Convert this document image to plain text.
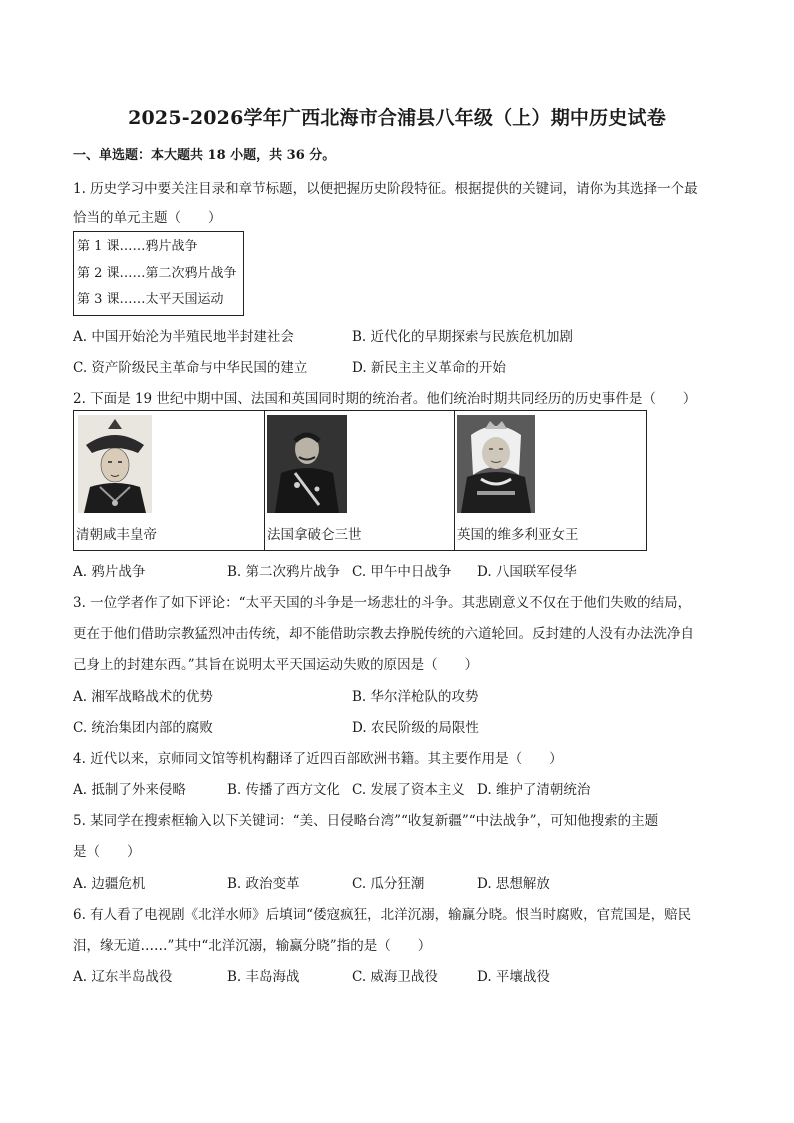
2025-2026学年广西北海市合浦县八年级（上）期中历史试卷
一、单选题：本大题共 18 小题，共 36 分。
1. 历史学习中要关注目录和章节标题，以便把握历史阶段特征。根据提供的关键词，请你为其选择一个最
恰当的单元主题（　　）
第 1 课……鸦片战争
第 2 课……第二次鸦片战争
第 3 课……太平天国运动
A. 中国开始沦为半殖民地半封建社会	B. 近代化的早期探索与民族危机加剧
C. 资产阶级民主革命与中华民国的建立	D. 新民主主义革命的开始
2. 下面是 19 世纪中期中国、法国和英国同时期的统治者。他们统治时期共同经历的历史事件是（　　）
清朝咸丰皇帝	法国拿破仑三世	英国的维多利亚女王
A. 鸦片战争	B. 第二次鸦片战争 C. 甲午中日战争 D. 八国联军侵华
3. 一位学者作了如下评论：“太平天国的斗争是一场悲壮的斗争。其悲剧意义不仅在于他们失败的结局，
更在于他们借助宗教猛烈冲击传统，却不能借助宗教去挣脱传统的六道轮回。反封建的人没有办法洗净自
己身上的封建东西。”其旨在说明太平天国运动失败的原因是（　　）
A. 湘军战略战术的优势	B. 华尔洋枪队的攻势
C. 统治集团内部的腐败	D. 农民阶级的局限性
4. 近代以来，京师同文馆等机构翻译了近四百部欧洲书籍。其主要作用是（　　）
A. 抵制了外来侵略	B. 传播了西方文化 C. 发展了资本主义 D. 维护了清朝统治
5. 某同学在搜索框输入以下关键词：“美、日侵略台湾”“收复新疆”“中法战争”，可知他搜索的主题
是（　　）
A. 边疆危机	B. 政治变革	C. 瓜分狂潮	D. 思想解放
6. 有人看了电视剧《北洋水师》后填词“倭寇疯狂，北洋沉溺，输赢分晓。恨当时腐败，官荒国是，赔民
泪，缘无道……”其中“北洋沉溺，输赢分晓”指的是（　　）
A. 辽东半岛战役	B. 丰岛海战	C. 威海卫战役	D. 平壤战役
